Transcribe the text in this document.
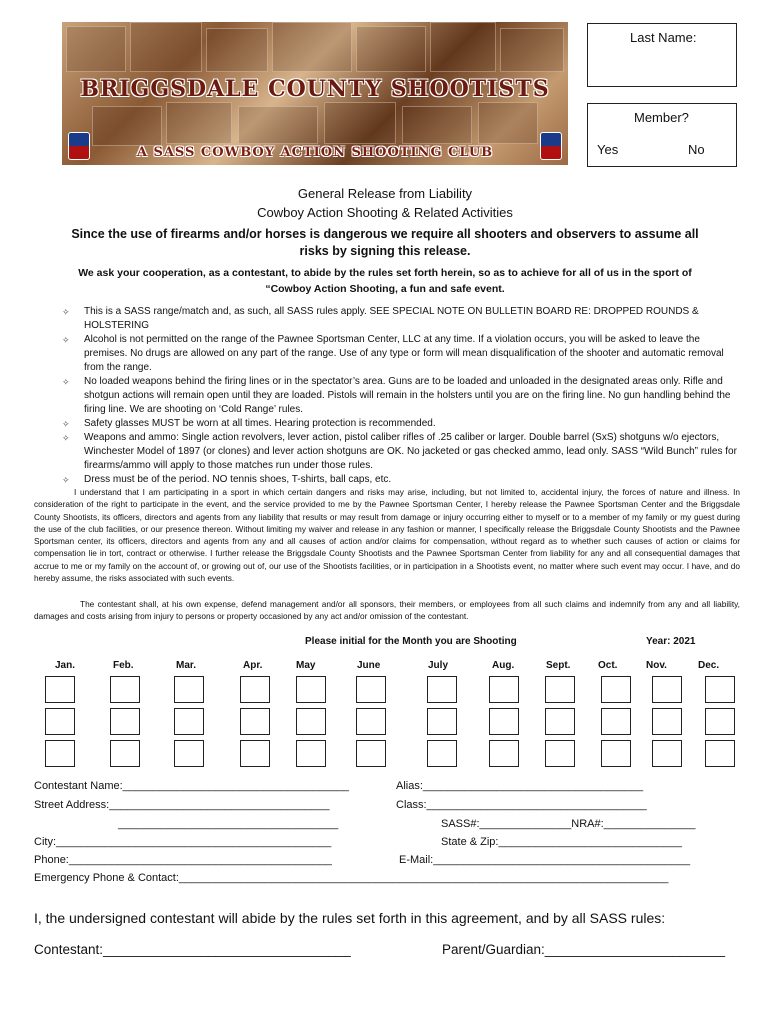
BRIGGSDALE COUNTY SHOOTISTS
A SASS COWBOY ACTION SHOOTING CLUB
Last Name:
Member?
Yes	No
General Release from Liability
Cowboy Action Shooting & Related Activities
Since the use of firearms and/or horses is dangerous we require all shooters and observers to assume all risks by signing this release.
We ask your cooperation, as a contestant, to abide by the rules set forth herein, so as to achieve for all of us in the sport of “Cowboy Action Shooting, a fun and safe event.
✧ This is a SASS range/match and, as such, all SASS rules apply. SEE SPECIAL NOTE ON BULLETIN BOARD RE: DROPPED ROUNDS & HOLSTERING
✧ Alcohol is not permitted on the range of the Pawnee Sportsman Center, LLC at any time. If a violation occurs, you will be asked to leave the premises. No drugs are allowed on any part of the range. Use of any type or form will mean disqualification of the shooter and automatic removal from the range.
✧ No loaded weapons behind the firing lines or in the spectator’s area. Guns are to be loaded and unloaded in the designated areas only. Rifle and shotgun actions will remain open until they are loaded. Pistols will remain in the holsters until you are on the firing line. No gun handling behind the firing line. We are shooting on ‘Cold Range’ rules.
✧ Safety glasses MUST be worn at all times. Hearing protection is recommended.
✧ Weapons and ammo: Single action revolvers, lever action, pistol caliber rifles of .25 caliber or larger. Double barrel (SxS) shotguns w/o ejectors, Winchester Model of 1897 (or clones) and lever action shotguns are OK. No jacketed or gas checked ammo, lead only. SASS “Wild Bunch” rules for firearms/ammo will apply to those matches run under those rules.
✧ Dress must be of the period. NO tennis shoes, T-shirts, ball caps, etc.
I understand that I am participating in a sport in which certain dangers and risks may arise, including, but not limited to, accidental injury, the forces of nature and illness. In consideration of the right to participate in the event, and the service provided to me by the Pawnee Sportsman Center, I hereby release the Pawnee Sportsman Center and the Briggsdale County Shootists, its officers, directors and agents from any liability that results or may result from damage or injury occurring either to myself or to a member of my family or my guest during the use of the club facilities, or our presence thereon. Without limiting my waiver and release in any fashion or manner, I specifically release the Briggsdale County Shootists and the Pawnee Sportsman center, its officers, directors and agents from any and all causes of action and/or claims for compensation, without regard as to whether such causes of action or claims for compensation lie in tort, contract or otherwise. I further release the Briggsdale County Shootists and the Pawnee Sportsman Center from liability for any and all consequential damages that accrue to me or my family on the account of, or growing out of, our use of the Shootists facilities, or in participation in a Shootists event, no matter where such event may occur. I have, and do hereby assume, the risks associated with such events.
The contestant shall, at his own expense, defend management and/or all sponsors, their members, or employees from all such claims and indemnify from any and all liability, damages and costs arising from injury to persons or property occasioned by any act and/or omission of the contestant.
Please initial for the Month you are Shooting	Year: 2021
Jan.	Feb.	Mar.	Apr.	May	June	July	Aug.	Sept.	Oct.	Nov.	Dec.
Contestant Name:_____________________________________	Alias:____________________________________
Street Address:____________________________________	Class:____________________________________
____________________________________	SASS#:_______________NRA#:_______________
City:_____________________________________________	State & Zip:______________________________
Phone:___________________________________________	E-Mail:__________________________________________
Emergency Phone & Contact:________________________________________________________________________________
I, the undersigned contestant will abide by the rules set forth in this agreement, and by all SASS rules:
Contestant:_________________________________	Parent/Guardian:________________________
